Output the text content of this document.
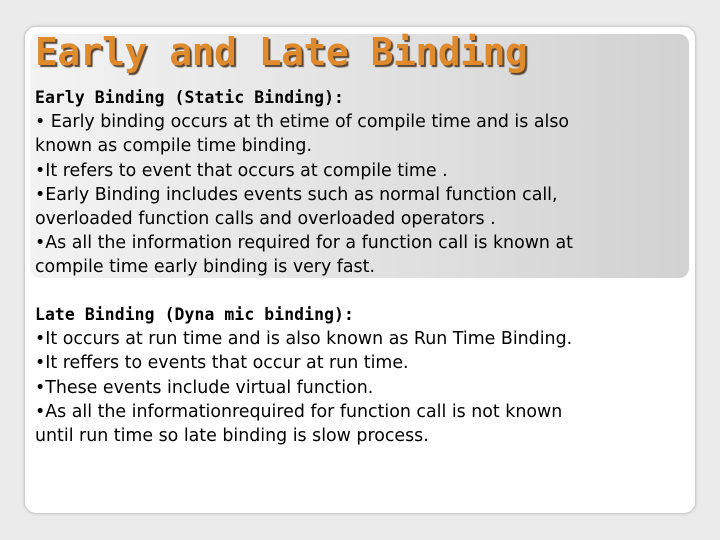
Early and Late Binding
Early Binding (Static Binding):
• Early binding occurs at th etime of compile time and is also
known as compile time binding.
•It refers to event that occurs at compile time .
•Early Binding includes events such as normal function call,
overloaded function calls and overloaded operators .
•As all the information required for a function call is known at
compile time early binding is very fast.
Late Binding (Dyna mic binding):
•It occurs at run time and is also known as Run Time Binding.
•It reffers to events that occur at run time.
•These events include virtual function.
•As all the informationrequired for function call is not known
until run time so late binding is slow process.
